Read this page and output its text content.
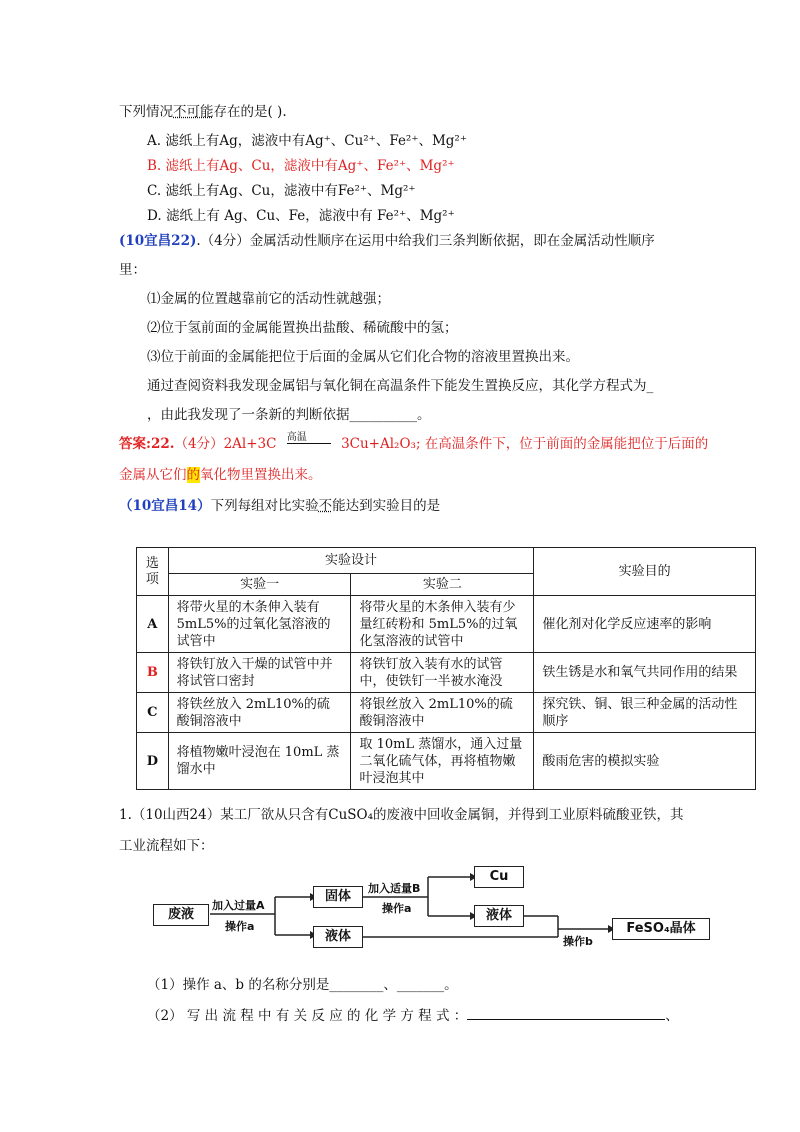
下列情况不可能存在的是( ).
A. 滤纸上有Ag，滤液中有Ag⁺、Cu²⁺、Fe²⁺、Mg²⁺
B. 滤纸上有Ag、Cu，滤液中有Ag⁺、Fe²⁺、Mg²⁺
C. 滤纸上有Ag、Cu，滤液中有Fe²⁺、Mg²⁺
D. 滤纸上有 Ag、Cu、Fe，滤液中有 Fe²⁺、Mg²⁺
(10宜昌22).（4分）金属活动性顺序在运用中给我们三条判断依据，即在金属活动性顺序
里：
⑴金属的位置越靠前它的活动性就越强；
⑵位于氢前面的金属能置换出盐酸、稀硫酸中的氢；
⑶位于前面的金属能把位于后面的金属从它们化合物的溶液里置换出来。
通过查阅资料我发现金属铝与氧化铜在高温条件下能发生置换反应，其化学方程式为_
，由此我发现了一条新的判断依据__________。
答案:22.（4分）2Al+3C 高温	3Cu+Al₂O₃; 在高温条件下，位于前面的金属能把位于后面的
金属从它们的氧化物里置换出来。
（10宜昌14）下列每组对比实验不能达到实验目的是
选项	实验设计		实验目的
	实验一	实验二	
A	将带火星的木条伸入装有5mL5%的过氧化氢溶液的试管中	将带火星的木条伸入装有少量红砖粉和 5mL5%的过氧化氢溶液的试管中	催化剂对化学反应速率的影响
B	将铁钉放入干燥的试管中并将试管口密封	将铁钉放入装有水的试管中，使铁钉一半被水淹没	铁生锈是水和氧气共同作用的结果
C	将铁丝放入 2mL10%的硫酸铜溶液中	将银丝放入 2mL10%的硫酸铜溶液中	探究铁、铜、银三种金属的活动性顺序
D	将植物嫩叶浸泡在 10mL 蒸馏水中	取 10mL 蒸馏水，通入过量二氧化硫气体，再将植物嫩叶浸泡其中	酸雨危害的模拟实验
1.（10山西24）某工厂欲从只含有CuSO₄的废液中回收金属铜，并得到工业原料硫酸亚铁，其
工业流程如下：
废液
固体
液体
Cu
液体
FeSO₄晶体
加入过量A
操作a
加入适量B
操作a
操作b
（1）操作 a、b 的名称分别是________、_______。
（2） 写 出 流 程 中 有 关 反 应 的 化 学 方 程 式 ：	、
